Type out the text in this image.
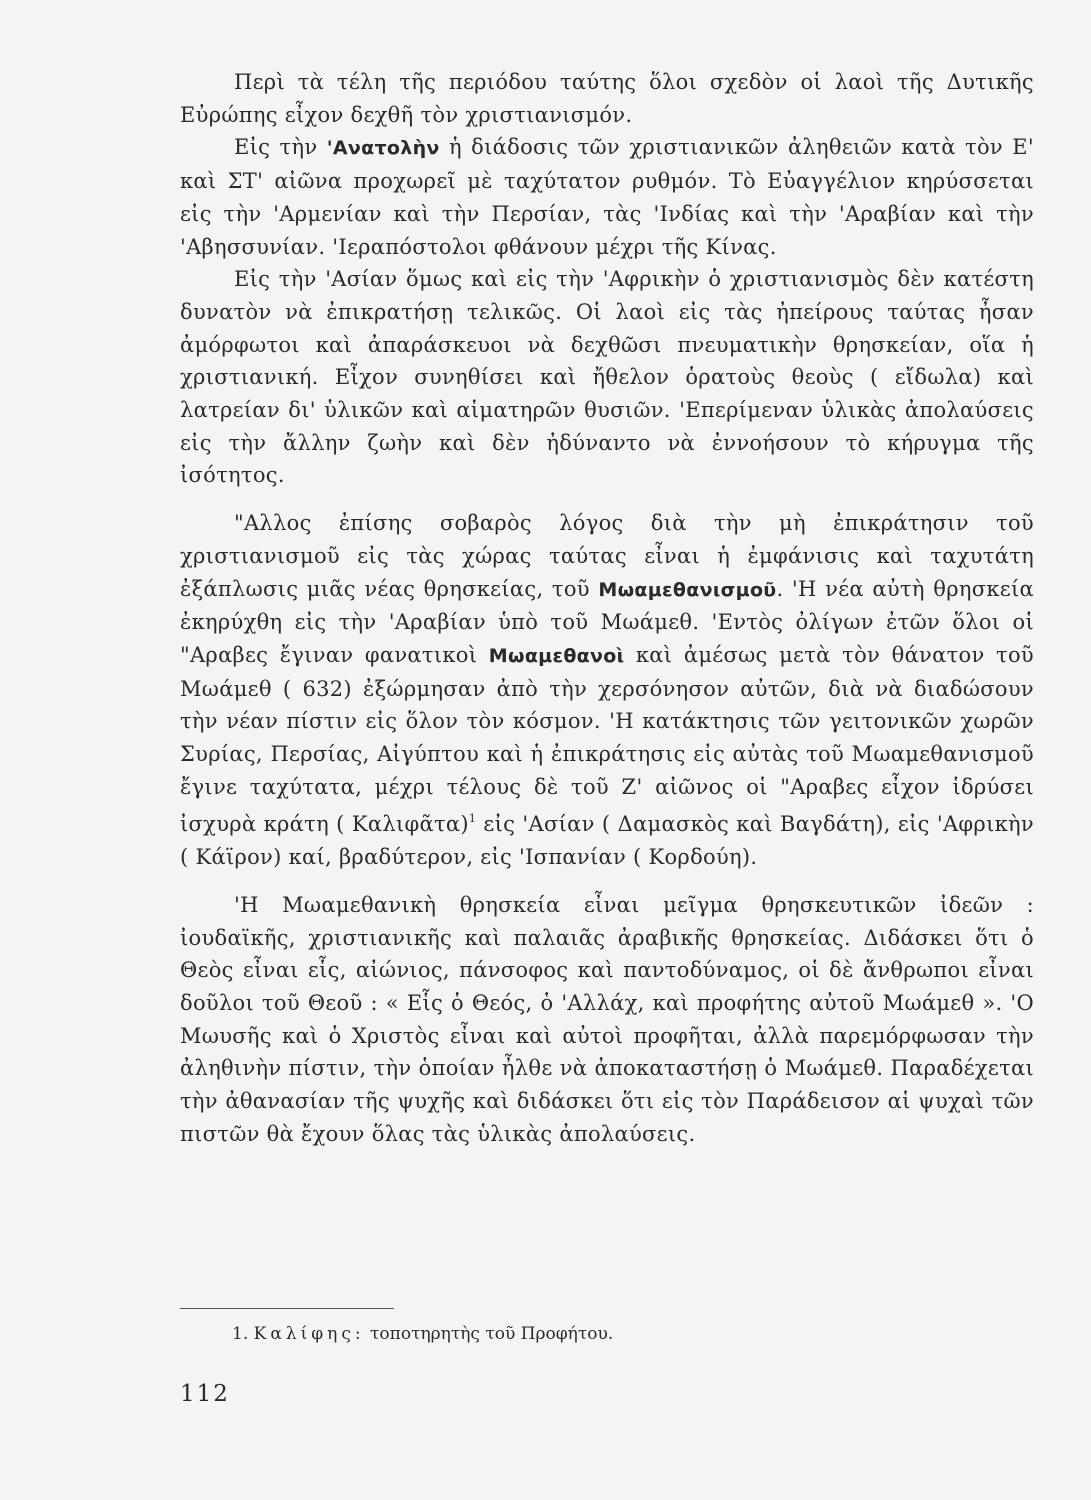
Περὶ τὰ τέλη τῆς περιόδου ταύτης ὅλοι σχεδὸν οἱ λαοὶ τῆς Δυτικῆς Εὐρώπης εἶχον δεχθῆ τὸν χριστιανισμόν.

Εἰς τὴν 'Ανατολὴν ἡ διάδοσις τῶν χριστιανικῶν ἀληθειῶν κατὰ τὸν Ε' καὶ ΣΤ' αἰῶνα προχωρεῖ μὲ ταχύτατον ρυθμόν. Τὸ Εὐαγγέλιον κηρύσσεται εἰς τὴν 'Αρμενίαν καὶ τὴν Περσίαν, τὰς 'Ινδίας καὶ τὴν 'Αραβίαν καὶ τὴν 'Αβησσυνίαν. 'Ιεραπόστολοι φθάνουν μέχρι τῆς Κίνας.

Εἰς τὴν 'Ασίαν ὅμως καὶ εἰς τὴν 'Αφρικὴν ὁ χριστιανισμὸς δὲν κατέστη δυνατὸν νὰ ἐπικρατήσῃ τελικῶς. Οἱ λαοὶ εἰς τὰς ἠπείρους ταύτας ἦσαν ἀμόρφωτοι καὶ ἀπαράσκευοι νὰ δεχθῶσι πνευματικὴν θρησκείαν, οἵα ἡ χριστιανική. Εἶχον συνηθίσει καὶ ἤθελον ὁρατοὺς θεοὺς ( εἴδωλα) καὶ λατρείαν δι' ὑλικῶν καὶ αἱματηρῶν θυσιῶν. 'Επερίμεναν ὑλικὰς ἀπολαύσεις εἰς τὴν ἄλλην ζωὴν καὶ δὲν ἠδύναντο νὰ ἐννοήσουν τὸ κήρυγμα τῆς ἰσότητος.

"Αλλος ἐπίσης σοβαρὸς λόγος διὰ τὴν μὴ ἐπικράτησιν τοῦ χριστιανισμοῦ εἰς τὰς χώρας ταύτας εἶναι ἡ ἐμφάνισις καὶ ταχυτάτη ἐξάπλωσις μιᾶς νέας θρησκείας, τοῦ Μωαμεθανισμοῦ. 'Η νέα αὐτὴ θρησκεία ἐκηρύχθη εἰς τὴν 'Αραβίαν ὑπὸ τοῦ Μωάμεθ. 'Εντὸς ὀλίγων ἐτῶν ὅλοι οἱ "Αραβες ἔγιναν φανατικοὶ Μωαμεθανοὶ καὶ ἀμέσως μετὰ τὸν θάνατον τοῦ Μωάμεθ ( 632) ἐξώρμησαν ἀπὸ τὴν χερσόνησον αὐτῶν, διὰ νὰ διαδώσουν τὴν νέαν πίστιν εἰς ὅλον τὸν κόσμον. 'Η κατάκτησις τῶν γειτονικῶν χωρῶν Συρίας, Περσίας, Αἰγύπτου καὶ ἡ ἐπικράτησις εἰς αὐτὰς τοῦ Μωαμεθανισμοῦ ἔγινε ταχύτατα, μέχρι τέλους δὲ τοῦ Ζ' αἰῶνος οἱ "Αραβες εἶχον ἱδρύσει ἰσχυρὰ κράτη ( Καλιφᾶτα)$^1$ εἰς 'Ασίαν ( Δαμασκὸς καὶ Βαγδάτη), εἰς 'Αφρικὴν ( Κάϊρον) καί, βραδύτερον, εἰς 'Ισπανίαν ( Κορδούη).

'Η Μωαμεθανικὴ θρησκεία εἶναι μεῖγμα θρησκευτικῶν ἰδεῶν : ἰουδαϊκῆς, χριστιανικῆς καὶ παλαιᾶς ἀραβικῆς θρησκείας. Διδάσκει ὅτι ὁ Θεὸς εἶναι εἷς, αἰώνιος, πάνσοφος καὶ παντοδύναμος, οἱ δὲ ἄνθρωποι εἶναι δοῦλοι τοῦ Θεοῦ : « Εἷς ὁ Θεός, ὁ 'Αλλάχ, καὶ προφήτης αὐτοῦ Μωάμεθ ». 'Ο Μωυσῆς καὶ ὁ Χριστὸς εἶναι καὶ αὐτοὶ προφῆται, ἀλλὰ παρεμόρφωσαν τὴν ἀληθινὴν πίστιν, τὴν ὁποίαν ἦλθε νὰ ἀποκαταστήσῃ ὁ Μωάμεθ. Παραδέχεται τὴν ἀθανασίαν τῆς ψυχῆς καὶ διδάσκει ὅτι εἰς τὸν Παράδεισον αἱ ψυχαὶ τῶν πιστῶν θὰ ἔχουν ὅλας τὰς ὑλικὰς ἀπολαύσεις.

1. Καλίφης: τοποτηρητὴς τοῦ Προφήτου.
112
